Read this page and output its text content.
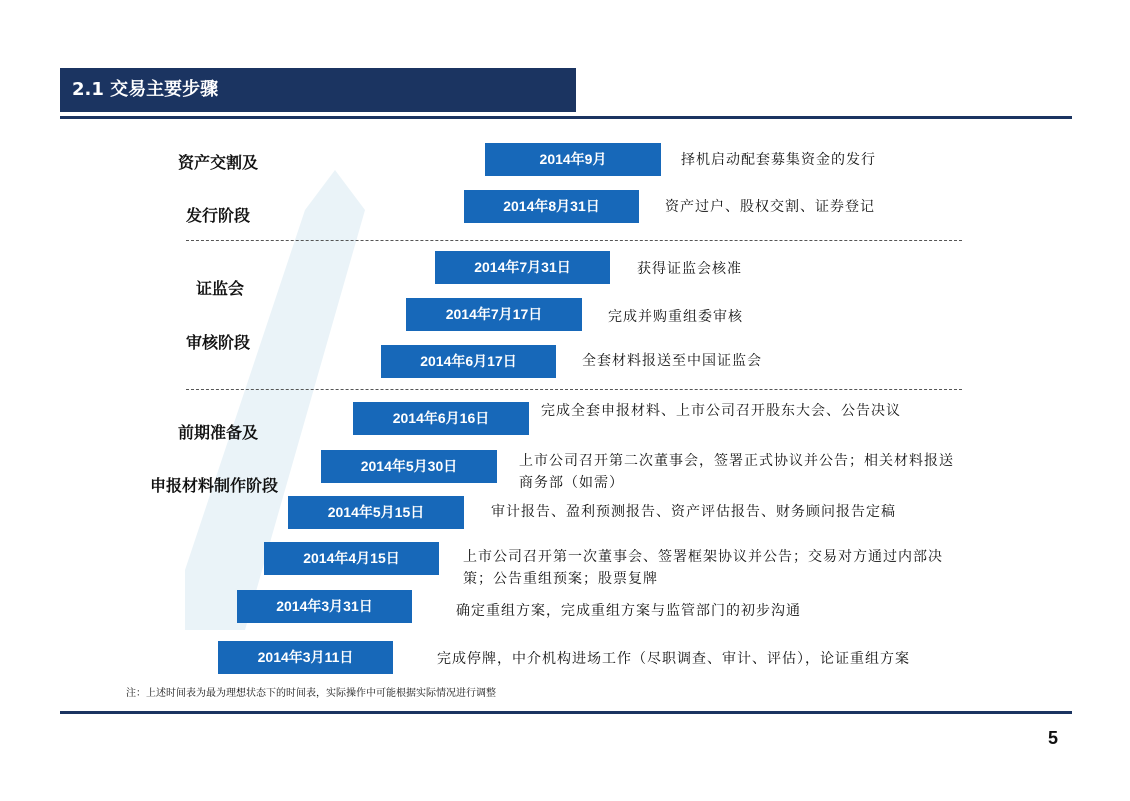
2.1 交易主要步骤
资产交割及
发行阶段
证监会
审核阶段
前期准备及
申报材料制作阶段
2014年9月	择机启动配套募集资金的发行
2014年8月31日	资产过户、股权交割、证券登记
2014年7月31日	获得证监会核准
2014年7月17日	完成并购重组委审核
2014年6月17日	全套材料报送至中国证监会
2014年6月16日	完成全套申报材料、上市公司召开股东大会、公告决议
2014年5月30日	上市公司召开第二次董事会，签署正式协议并公告；相关材料报送商务部（如需）
2014年5月15日	审计报告、盈利预测报告、资产评估报告、财务顾问报告定稿
2014年4月15日	上市公司召开第一次董事会、签署框架协议并公告；交易对方通过内部决策；公告重组预案；股票复牌
2014年3月31日	确定重组方案，完成重组方案与监管部门的初步沟通
2014年3月11日	完成停牌，中介机构进场工作（尽职调查、审计、评估），论证重组方案
注：上述时间表为最为理想状态下的时间表，实际操作中可能根据实际情况进行调整
5
